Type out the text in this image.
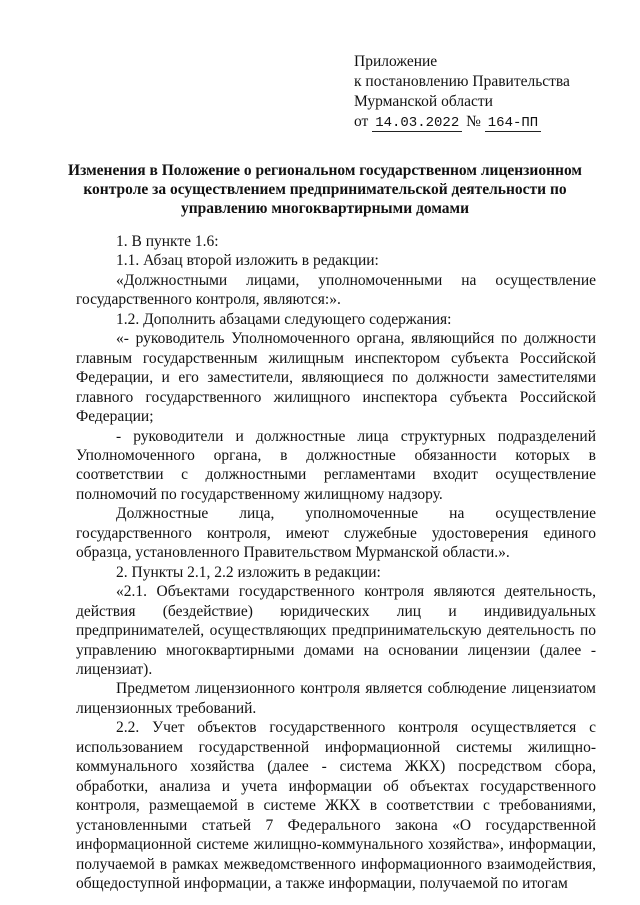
Приложение
к постановлению Правительства
Мурманской области
от 14.03.2022 № 164-ПП
Изменения в Положение о региональном государственном лицензионном контроле за осуществлением предпринимательской деятельности по управлению многоквартирными домами

1. В пункте 1.6:

1.1. Абзац второй изложить в редакции:

«Должностными лицами, уполномоченными на осуществление государственного контроля, являются:».

1.2. Дополнить абзацами следующего содержания:

«- руководитель Уполномоченного органа, являющийся по должности главным государственным жилищным инспектором субъекта Российской Федерации, и его заместители, являющиеся по должности заместителями главного государственного жилищного инспектора субъекта Российской Федерации;

- руководители и должностные лица структурных подразделений Уполномоченного органа, в должностные обязанности которых в соответствии с должностными регламентами входит осуществление полномочий по государственному жилищному надзору.

Должностные лица, уполномоченные на осуществление государственного контроля, имеют служебные удостоверения единого образца, установленного Правительством Мурманской области.».

2. Пункты 2.1, 2.2 изложить в редакции:

«2.1. Объектами государственного контроля являются деятельность, действия (бездействие) юридических лиц и индивидуальных предпринимателей, осуществляющих предпринимательскую деятельность по управлению многоквартирными домами на основании лицензии (далее - лицензиат).

Предметом лицензионного контроля является соблюдение лицензиатом лицензионных требований.

2.2. Учет объектов государственного контроля осуществляется с использованием государственной информационной системы жилищно-коммунального хозяйства (далее - система ЖКХ) посредством сбора, обработки, анализа и учета информации об объектах государственного контроля, размещаемой в системе ЖКХ в соответствии с требованиями, установленными статьей 7 Федерального закона «О государственной информационной системе жилищно-коммунального хозяйства», информации, получаемой в рамках межведомственного информационного взаимодействия, общедоступной информации, а также информации, получаемой по итогам
